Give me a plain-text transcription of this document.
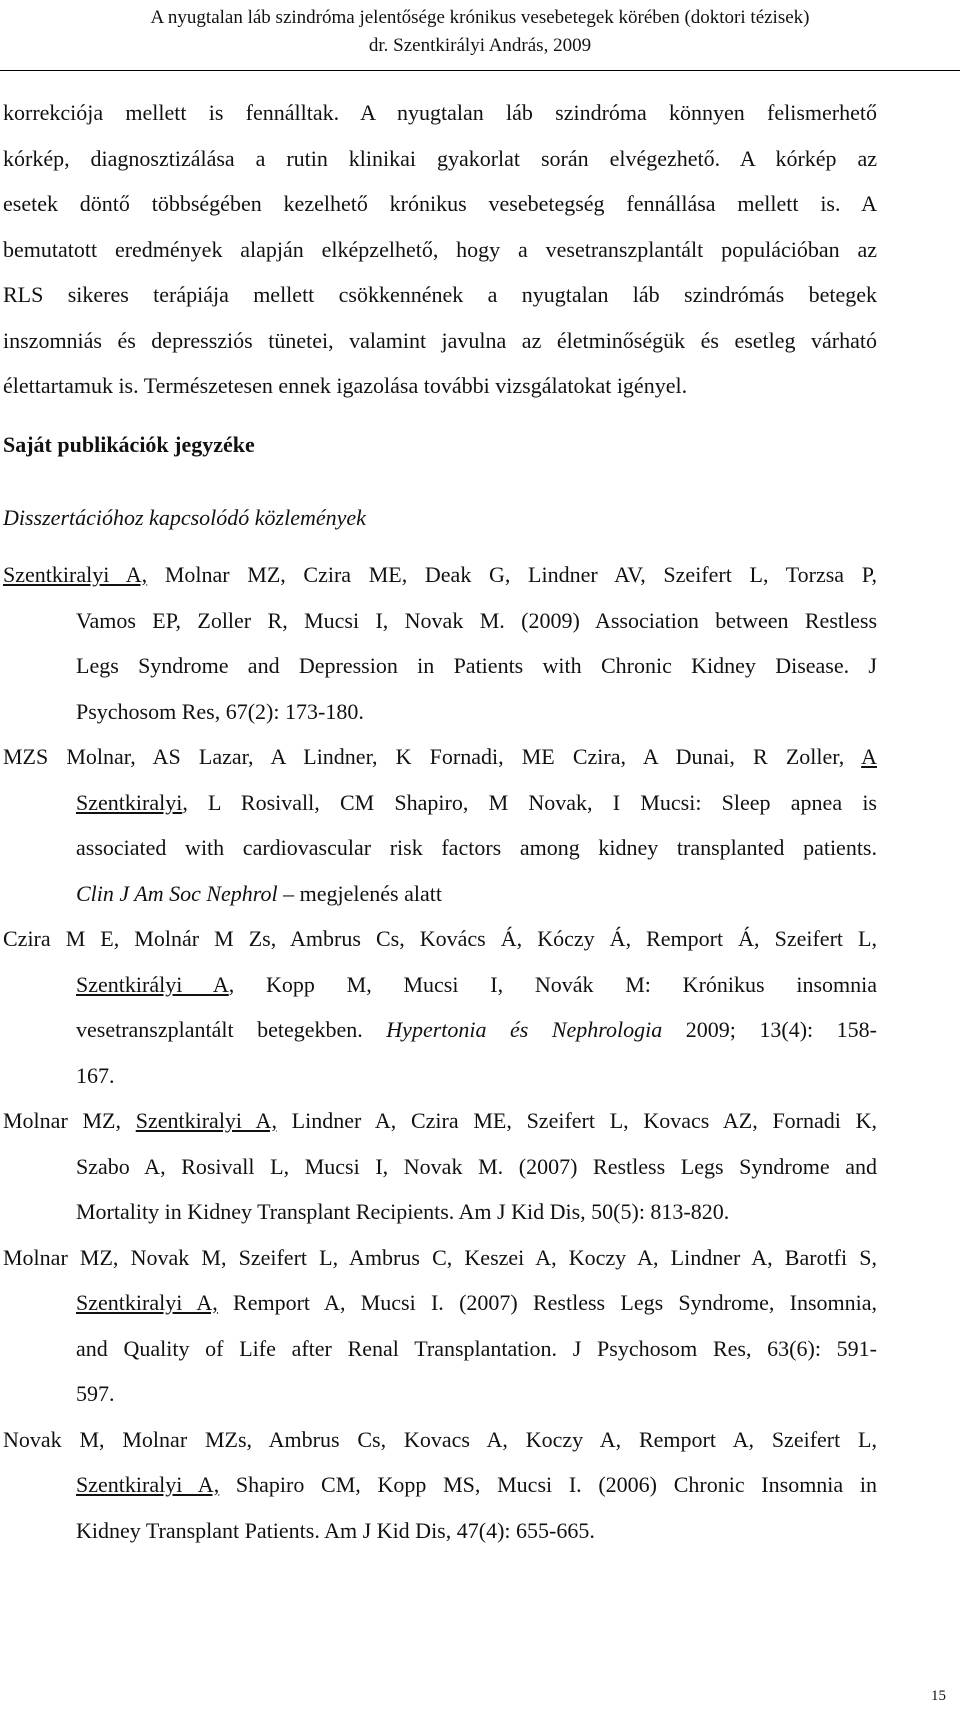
A nyugtalan láb szindróma jelentősége krónikus vesebetegek körében (doktori tézisek)
dr. Szentkirályi András, 2009
korrekciója mellett is fennálltak. A nyugtalan láb szindróma könnyen felismerhető
kórkép, diagnosztizálása a rutin klinikai gyakorlat során elvégezhető. A kórkép az
esetek döntő többségében kezelhető krónikus vesebetegség fennállása mellett is. A
bemutatott eredmények alapján elképzelhető, hogy a vesetranszplantált populációban az
RLS sikeres terápiája mellett csökkennének a nyugtalan láb szindrómás betegek
inszomniás és depressziós tünetei, valamint javulna az életminőségük és esetleg várható
élettartamuk is. Természetesen ennek igazolása további vizsgálatokat igényel.
Saját publikációk jegyzéke
Disszertációhoz kapcsolódó közlemények
Szentkiralyi A, Molnar MZ, Czira ME, Deak G, Lindner AV, Szeifert L, Torzsa P,
Vamos EP, Zoller R, Mucsi I, Novak M. (2009) Association between Restless
Legs Syndrome and Depression in Patients with Chronic Kidney Disease. J
Psychosom Res, 67(2): 173-180.
MZS Molnar, AS Lazar, A Lindner, K Fornadi, ME Czira, A Dunai, R Zoller, A
Szentkiralyi, L Rosivall, CM Shapiro, M Novak, I Mucsi: Sleep apnea is
associated with cardiovascular risk factors among kidney transplanted patients.
Clin J Am Soc Nephrol – megjelenés alatt
Czira M E, Molnár M Zs, Ambrus Cs, Kovács Á, Kóczy Á, Remport Á, Szeifert L,
Szentkirályi A, Kopp M, Mucsi I, Novák M: Krónikus insomnia
vesetranszplantált betegekben. Hypertonia és Nephrologia 2009; 13(4): 158-
167.
Molnar MZ, Szentkiralyi A, Lindner A, Czira ME, Szeifert L, Kovacs AZ, Fornadi K,
Szabo A, Rosivall L, Mucsi I, Novak M. (2007) Restless Legs Syndrome and
Mortality in Kidney Transplant Recipients. Am J Kid Dis, 50(5): 813-820.
Molnar MZ, Novak M, Szeifert L, Ambrus C, Keszei A, Koczy A, Lindner A, Barotfi S,
Szentkiralyi A, Remport A, Mucsi I. (2007) Restless Legs Syndrome, Insomnia,
and Quality of Life after Renal Transplantation. J Psychosom Res, 63(6): 591-
597.
Novak M, Molnar MZs, Ambrus Cs, Kovacs A, Koczy A, Remport A, Szeifert L,
Szentkiralyi A, Shapiro CM, Kopp MS, Mucsi I. (2006) Chronic Insomnia in
Kidney Transplant Patients. Am J Kid Dis, 47(4): 655-665.
15
